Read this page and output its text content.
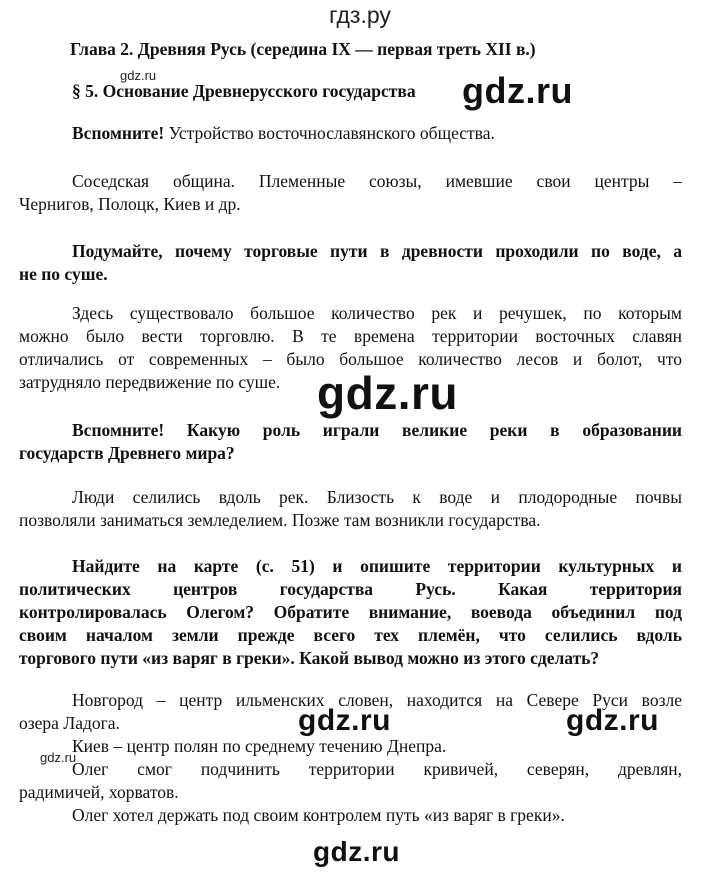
гдз.ру
Глава 2. Древняя Русь (середина IX — первая треть XII в.)
§ 5. Основание Древнерусского государства
Вспомните! Устройство восточнославянского общества.
Соседская община. Племенные союзы, имевшие свои центры –
Чернигов, Полоцк, Киев и др.
Подумайте, почему торговые пути в древности проходили по воде, а
не по суше.
Здесь существовало большое количество рек и речушек, по которым
можно было вести торговлю. В те времена территории восточных славян
отличались от современных – было большое количество лесов и болот, что
затрудняло передвижение по суше.
Вспомните! Какую роль играли великие реки в образовании
государств Древнего мира?
Люди селились вдоль рек. Близость к воде и плодородные почвы
позволяли заниматься земледелием. Позже там возникли государства.
Найдите на карте (с. 51) и опишите территории культурных и
политических центров государства Русь. Какая территория
контролировалась Олегом? Обратите внимание, воевода объединил под
своим началом земли прежде всего тех племён, что селились вдоль
торгового пути «из варяг в греки». Какой вывод можно из этого сделать?
Новгород – центр ильменских словен, находится на Севере Руси возле
озера Ладога.
Киев – центр полян по среднему течению Днепра.
Олег смог подчинить территории кривичей, северян, древлян,
радимичей, хорватов.
Олег хотел держать под своим контролем путь «из варяг в греки».
gdz.ru	gdz.ru
gdz.ru
gdz.ru	gdz.ru
gdz.ru
gdz.ru
